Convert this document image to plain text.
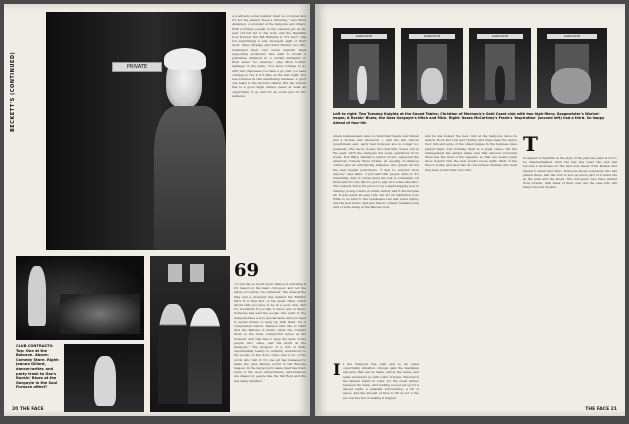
BECKETT'S (CONTINUED)	PRIVATE

A positively social register must be occupied and it's not the easiest "keep a following," says Ruud Anderson, co-founder of the Gargoyle and others. With a format popular at the Camden pit, at 20-year old but far to the Soul, and the Beautiful Soul Forever. But Bill Richards is "it's fun?", this not surprisingly a very strongest sight of their work. Steve Strange and Peter Hunter, two who dominated their own social register, their supporting promoters who wish to invent a guarantee ambition in. A certain ambiguity to their stand "no chances," says Mick Collins, manager of the team. "You need courage to go with who impresses you have a go. And you need courage to run it if it fails on the first night. You lose fortunes in this advertising business. A good one really is the Grovel's sibling. But the bottom line is a good night always needs at least an opportunity to go and it's an event just for the audience.

CLUB CONTRASTS: Top: One at the Batcave. Above: Comedy Store. Right: Joanna Gillard, dancer/writer, and party trash to Gaz's Rockin' Blues at the Gargoyle in the Soul Furnace affect?
69

"A club has so much more chance of surviving if it's based on the basic club-goer, and not the whole of London," he continues. "We came at the Wag and a promoter has defined the Rhythm Yard. It is that fact, or the great clubs, which shows that you have to be in a good club. And it's wonderful if you like to know who is there. Someone has said the people who went to the Gargoyle have a very special taste, and you need to spend money to keep up with them. It's a complicated nature. Batcave fans like to think that the Batcave is theirs, while the Comedy Store is the most overground venue at the moment. And that has to keep the taste of the people who came, and the night at the Gargoyle." The prospect of a club of dark, experimental beauty is certainly well-known to the people of the Soho clubs, and a lot of the world who visit it. No one yet has managed to make the pure fantasy world of the Batcave happen. In the Gargoyle by name itself has tried, some of the most extraordinary performances are staged by people like the Tall Boys and the Sex Gang Children.

20 THE FACE
GARGOYLE	GARGOYLE	GARGOYLE	GARGOYLE
Left to right: Two Tuesday Knights at the Sound Tables; Christian of Mechanic's Gold Coast club with two high-fliers; Gazgmeister's Warhol-esque; A Rockin' Blues; the Gazz Gargoyle's Hitch and Mick. Right: Gazza McCartney's Frank's 'Inspiration' (second left) had a third. So happy Ahead of four-hit.

where businessmen came to climb their heads over dinner and a license and whenever — and the last Labour government said, party had homosex are no longer too homeless. The decor closed, the Churchill closed, but in the early 1979 the Gargoyle did some operations in its scene. Don Ware, himself a cannot crowd, suspected the American Comedy Store format, an evening of stand-up comics plus an unforgiving audience who greets all but the best laughs performers. "I had no solicitor from anyone," says Ware. "I just said that people came so it's something. And of course there are lots of comedians out there and it's very hard to get to play at a venue like this." The Comedy Store did prove to be a stand-staging post to winning young comics of subtle variety, and it did surprise all. It was never an easy ride, but it's an institution now. What to be kind to the Landscape Lab and Lewd Ogilvy, and the new music, and jazz fusion, comedy remains a big part of a life being at the Batcave now.

I f the Gargoyle has cash and so an equal opportunity situation. Groups gain the maximum exposure that can be made, and at the venue, and many promoters go with a mix of styles. The best is the fashion music in town, for the usual winter, between the dates. And nothing is ever set up for a decent night, a pleasant surrounding, a bit of space, and the amount of time to fill up for a live act, but the fun of making it happen.

and he has hosted the new club at the Gargoyle since its launch. Rock and soul and rhythm and blues keep the dance floor full and some of the oldest names in the business have played there. The building itself is a great venue, but the management has always made sure that whoever promotes there has the trust of the regulars, so that one week's punk show doesn't ruin the next week's revue night. Most of the time it works, and each has its own unique clientele who feels they have found their own club.

T

he impact of nightlife on the style of the past ten years is not to be underestimated. Over the last few years the club has become a showcase for the best new talent, from fashion and design to music and video. Everyone knows somebody who has played there, and the club is now as much part of London life as the pubs and the shops. The club-goers who have started from scratch, with ideas of their own, are the ones who will shape the next decade.

THE FACE 21
